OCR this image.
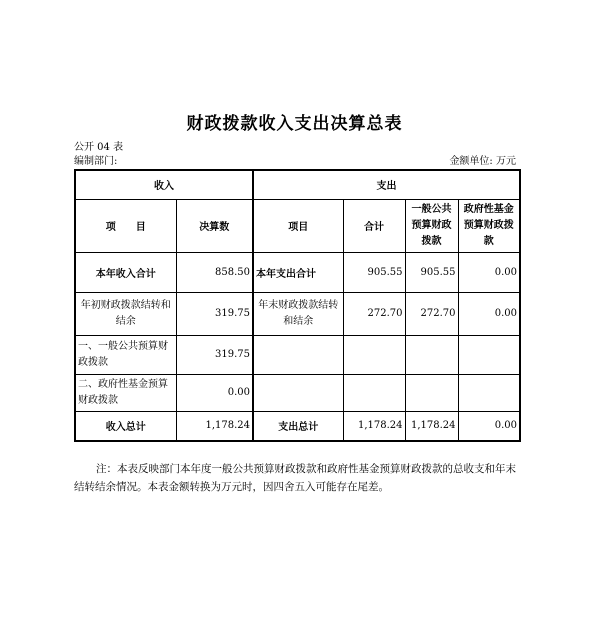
财政拨款收入支出决算总表
公开 04 表
编制部门:	金额单位: 万元
收入		支出			
项　　目	决算数	项目	合计	一般公共预算财政拨款	政府性基金预算财政拨款
本年收入合计	858.50	本年支出合计	905.55	905.55	0.00
年初财政拨款结转和结余	319.75	年末财政拨款结转和结余	272.70	272.70	0.00
一、一般公共预算财政拨款	319.75				
二、政府性基金预算财政拨款	0.00				
收入总计	1,178.24	支出总计	1,178.24	1,178.24	0.00
注：本表反映部门本年度一般公共预算财政拨款和政府性基金预算财政拨款的总收支和年末结转结余情况。本表金额转换为万元时，因四舍五入可能存在尾差。
